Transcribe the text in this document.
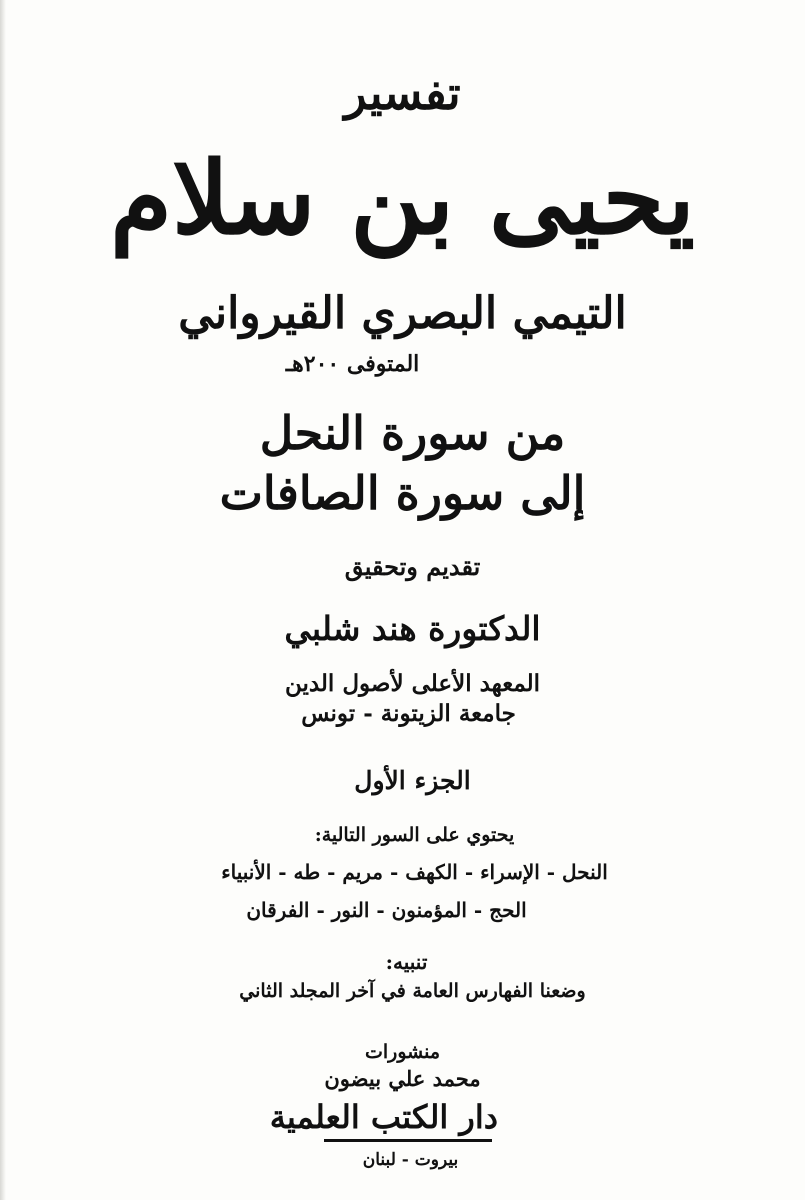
تفسير
يحيى بن سلام
التيمي البصري القيرواني
المتوفى ٢٠٠هـ
من سورة النحل
إلى سورة الصافات
تقديم وتحقيق
الدكتورة هند شلبي
المعهد الأعلى لأصول الدين
جامعة الزيتونة - تونس
الجزء الأول
يحتوي على السور التالية:
النحل - الإسراء - الكهف - مريم - طه - الأنبياء
الحج - المؤمنون - النور - الفرقان
تنبيه:
وضعنا الفهارس العامة في آخر المجلد الثاني
منشورات
محمد علي بيضون
دار الكتب العلمية
بيروت - لبنان
